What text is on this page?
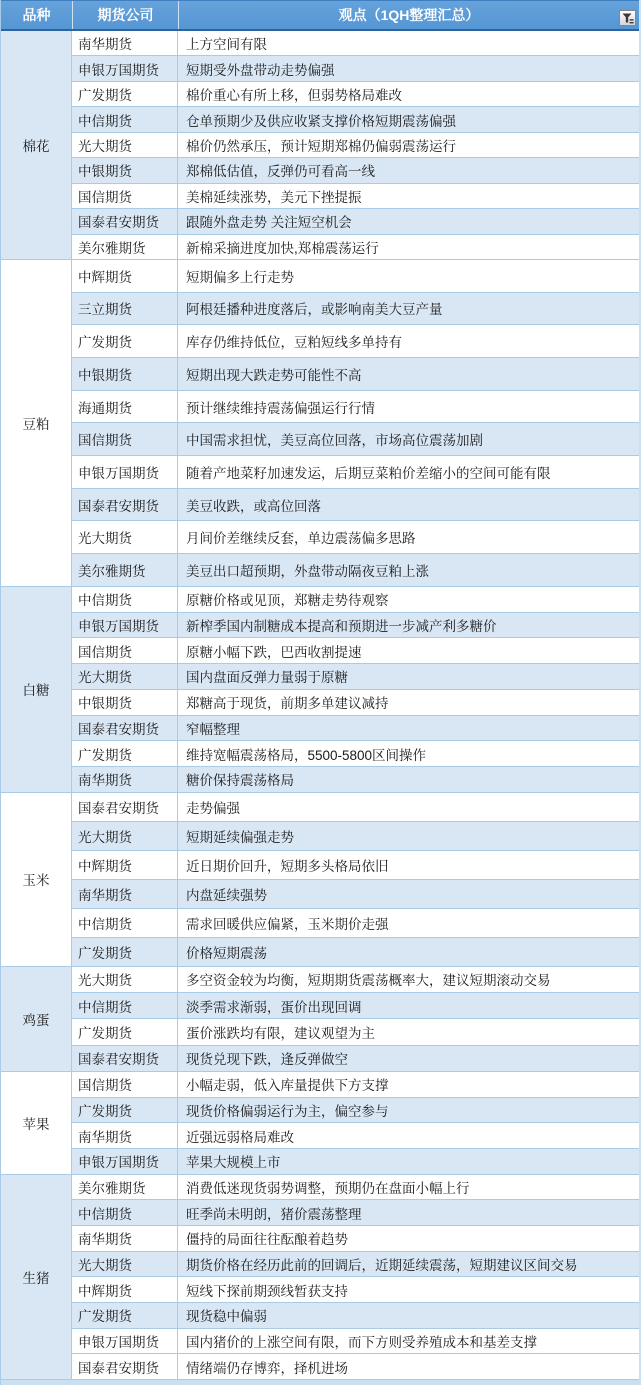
品种	期货公司	观点（1QH整理汇总）
棉花
南华期货	上方空间有限
申银万国期货	短期受外盘带动走势偏强
广发期货	棉价重心有所上移，但弱势格局难改
中信期货	仓单预期少及供应收紧支撑价格短期震荡偏强
光大期货	棉价仍然承压，预计短期郑棉仍偏弱震荡运行
中银期货	郑棉低估值，反弹仍可看高一线
国信期货	美棉延续涨势，美元下挫提振
国泰君安期货	跟随外盘走势 关注短空机会
美尔雅期货	新棉采摘进度加快,郑棉震荡运行
豆粕
中辉期货	短期偏多上行走势
三立期货	阿根廷播种进度落后，或影响南美大豆产量
广发期货	库存仍维持低位，豆粕短线多单持有
中银期货	短期出现大跌走势可能性不高
海通期货	预计继续维持震荡偏强运行行情
国信期货	中国需求担忧，美豆高位回落，市场高位震荡加剧
申银万国期货	随着产地菜籽加速发运，后期豆菜粕价差缩小的空间可能有限
国泰君安期货	美豆收跌，或高位回落
光大期货	月间价差继续反套，单边震荡偏多思路
美尔雅期货	美豆出口超预期，外盘带动隔夜豆粕上涨
白糖
中信期货	原糖价格或见顶，郑糖走势待观察
申银万国期货	新榨季国内制糖成本提高和预期进一步减产利多糖价
国信期货	原糖小幅下跌，巴西收割提速
光大期货	国内盘面反弹力量弱于原糖
中银期货	郑糖高于现货，前期多单建议减持
国泰君安期货	窄幅整理
广发期货	维持宽幅震荡格局，5500-5800区间操作
南华期货	糖价保持震荡格局
玉米
国泰君安期货	走势偏强
光大期货	短期延续偏强走势
中辉期货	近日期价回升，短期多头格局依旧
南华期货	内盘延续强势
中信期货	需求回暖供应偏紧，玉米期价走强
广发期货	价格短期震荡
鸡蛋
光大期货	多空资金较为均衡，短期期货震荡概率大，建议短期滚动交易
中信期货	淡季需求渐弱，蛋价出现回调
广发期货	蛋价涨跌均有限，建议观望为主
国泰君安期货	现货兑现下跌，逢反弹做空
苹果
国信期货	小幅走弱，低入库量提供下方支撑
广发期货	现货价格偏弱运行为主，偏空参与
南华期货	近强远弱格局难改
申银万国期货	苹果大规模上市
生猪
美尔雅期货	消费低迷现货弱势调整，预期仍在盘面小幅上行
中信期货	旺季尚未明朗，猪价震荡整理
南华期货	僵持的局面往往酝酿着趋势
光大期货	期货价格在经历此前的回调后，近期延续震荡，短期建议区间交易
中辉期货	短线下探前期颈线暂获支持
广发期货	现货稳中偏弱
申银万国期货	国内猪价的上涨空间有限，而下方则受养殖成本和基差支撑
国泰君安期货	情绪端仍存博弈，择机进场
